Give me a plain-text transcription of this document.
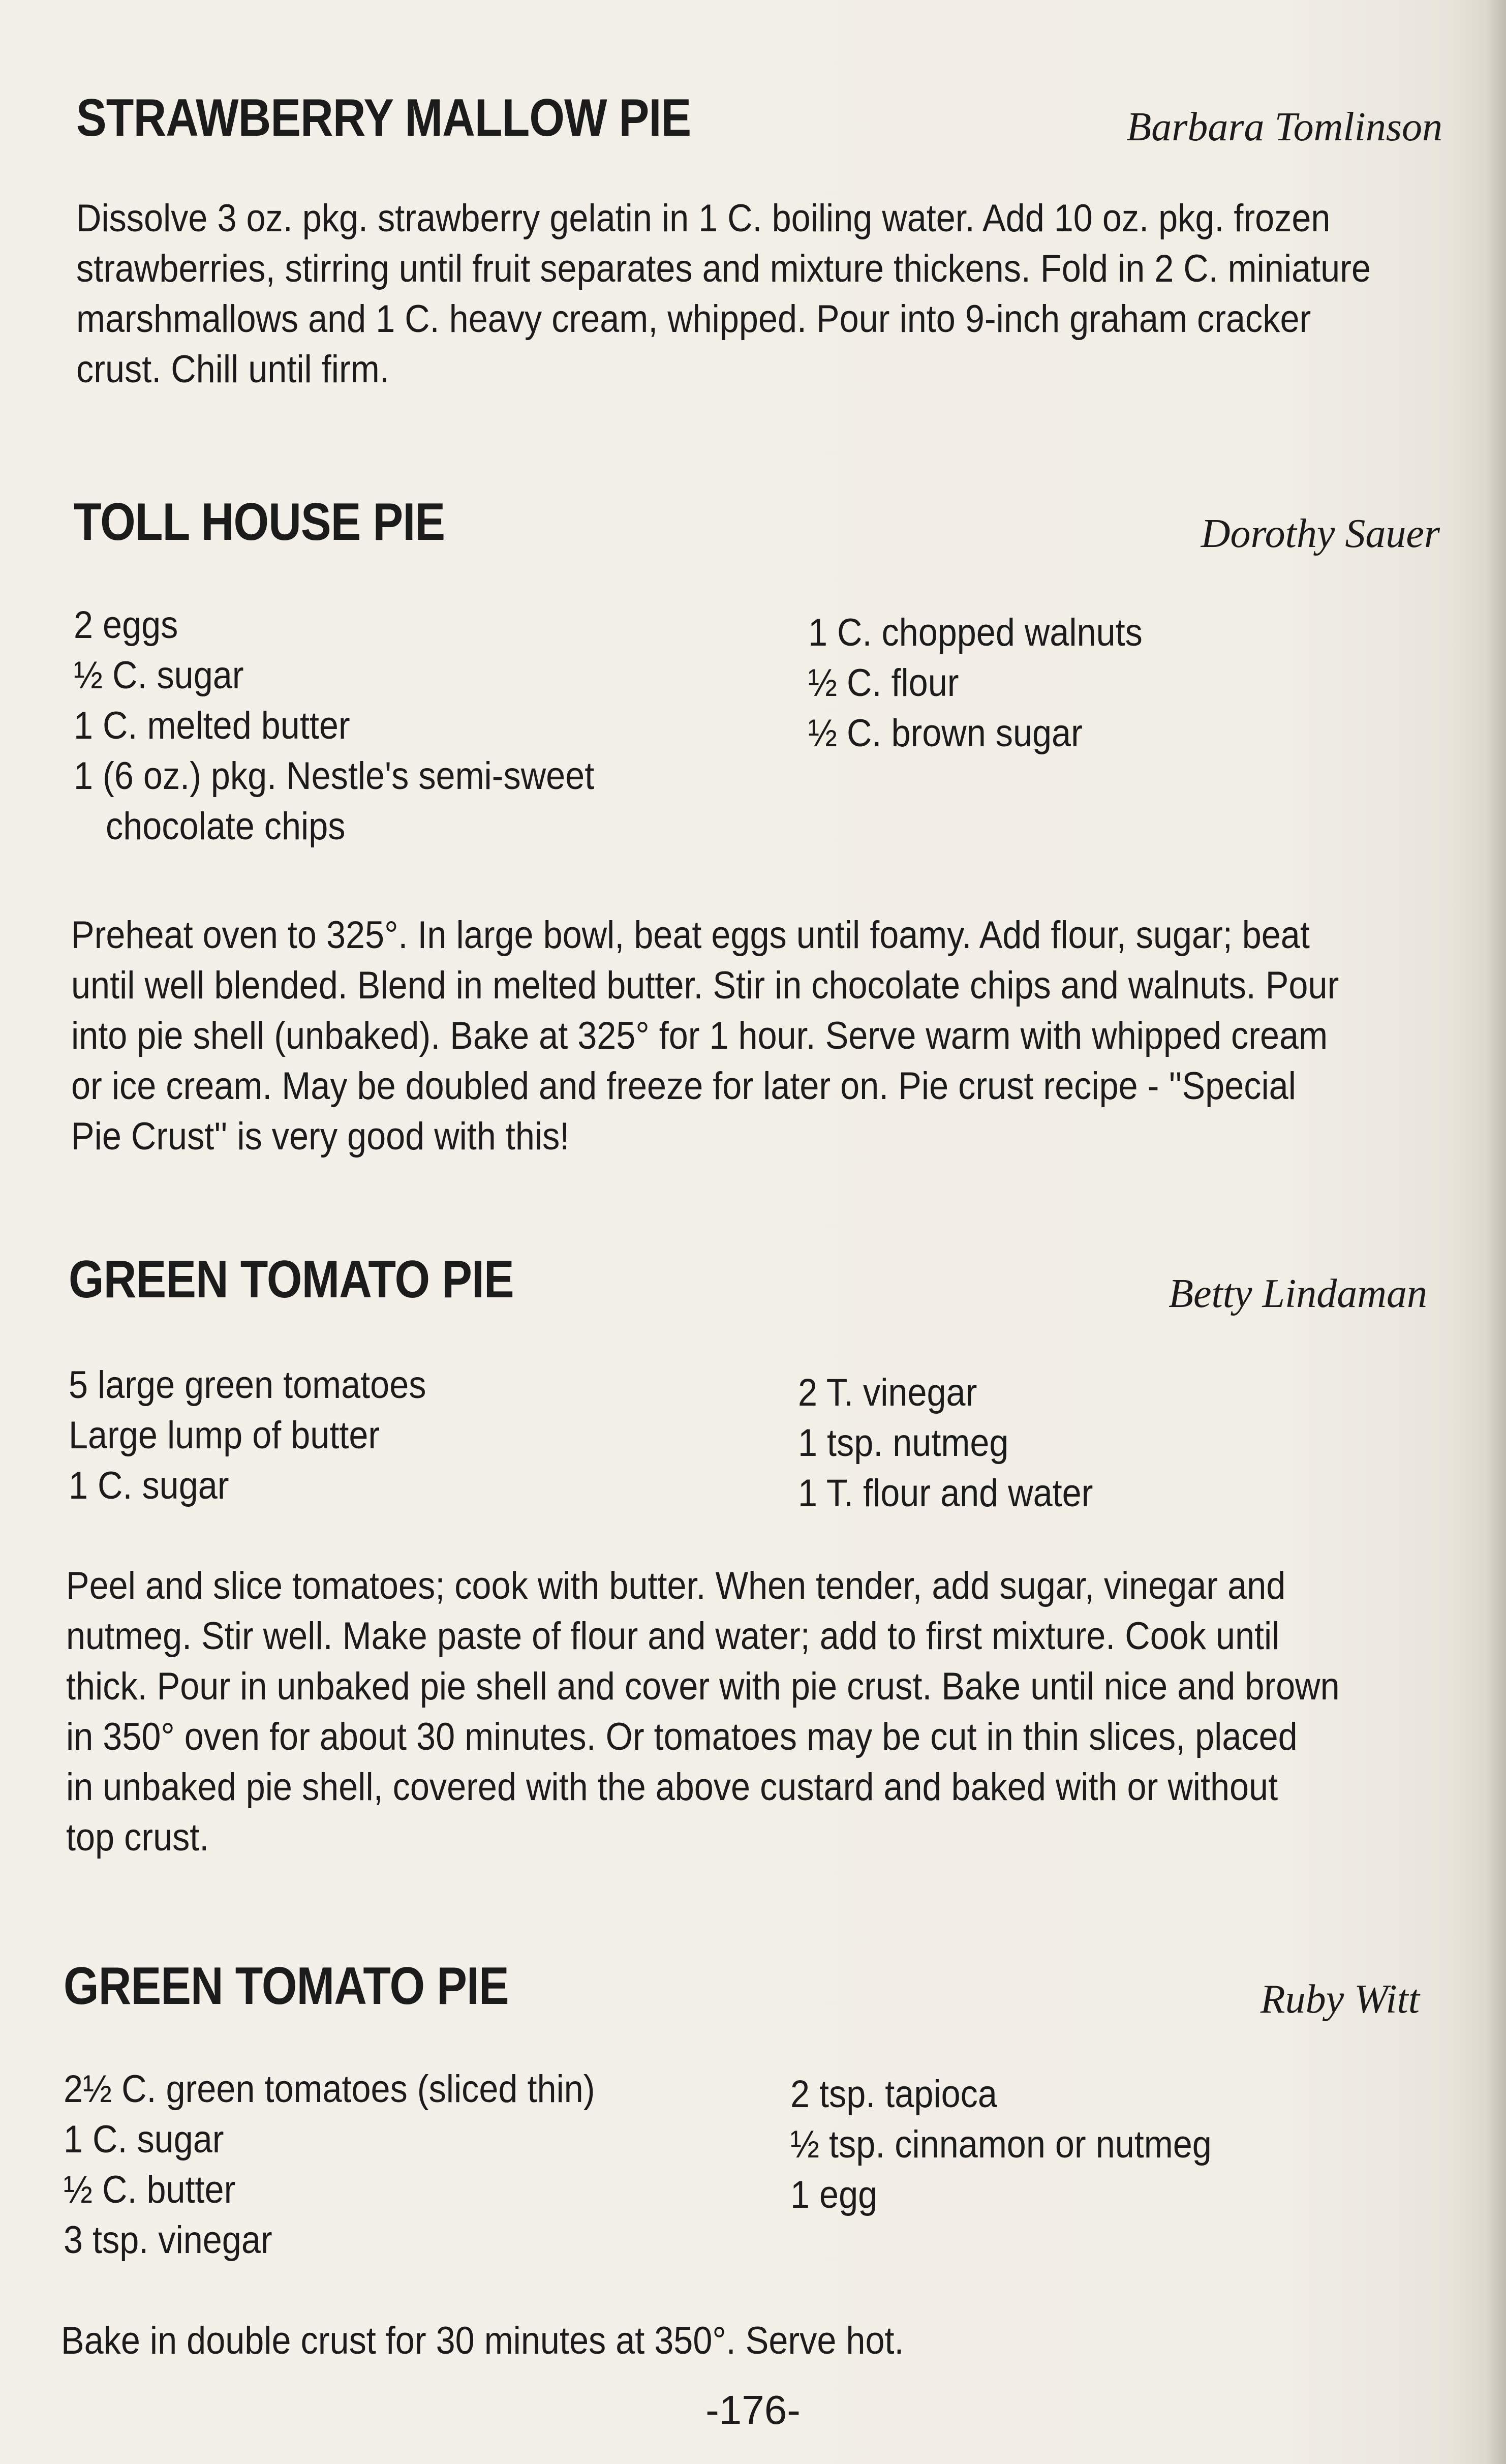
STRAWBERRY MALLOW PIE	Barbara Tomlinson
Dissolve 3 oz. pkg. strawberry gelatin in 1 C. boiling water. Add 10 oz. pkg. frozen
strawberries, stirring until fruit separates and mixture thickens. Fold in 2 C. miniature
marshmallows and 1 C. heavy cream, whipped. Pour into 9-inch graham cracker
crust. Chill until firm.
TOLL HOUSE PIE	Dorothy Sauer
2 eggs
½ C. sugar
1 C. melted butter
1 (6 oz.) pkg. Nestle's semi-sweet
chocolate chips
1 C. chopped walnuts
½ C. flour
½ C. brown sugar
Preheat oven to 325°. In large bowl, beat eggs until foamy. Add flour, sugar; beat
until well blended. Blend in melted butter. Stir in chocolate chips and walnuts. Pour
into pie shell (unbaked). Bake at 325° for 1 hour. Serve warm with whipped cream
or ice cream. May be doubled and freeze for later on. Pie crust recipe - ''Special
Pie Crust'' is very good with this!
GREEN TOMATO PIE	Betty Lindaman
5 large green tomatoes
Large lump of butter
1 C. sugar
2 T. vinegar
1 tsp. nutmeg
1 T. flour and water
Peel and slice tomatoes; cook with butter. When tender, add sugar, vinegar and
nutmeg. Stir well. Make paste of flour and water; add to first mixture. Cook until
thick. Pour in unbaked pie shell and cover with pie crust. Bake until nice and brown
in 350° oven for about 30 minutes. Or tomatoes may be cut in thin slices, placed
in unbaked pie shell, covered with the above custard and baked with or without
top crust.
GREEN TOMATO PIE	Ruby Witt
2½ C. green tomatoes (sliced thin)
1 C. sugar
½ C. butter
3 tsp. vinegar
2 tsp. tapioca
½ tsp. cinnamon or nutmeg
1 egg
Bake in double crust for 30 minutes at 350°. Serve hot.
-176-
